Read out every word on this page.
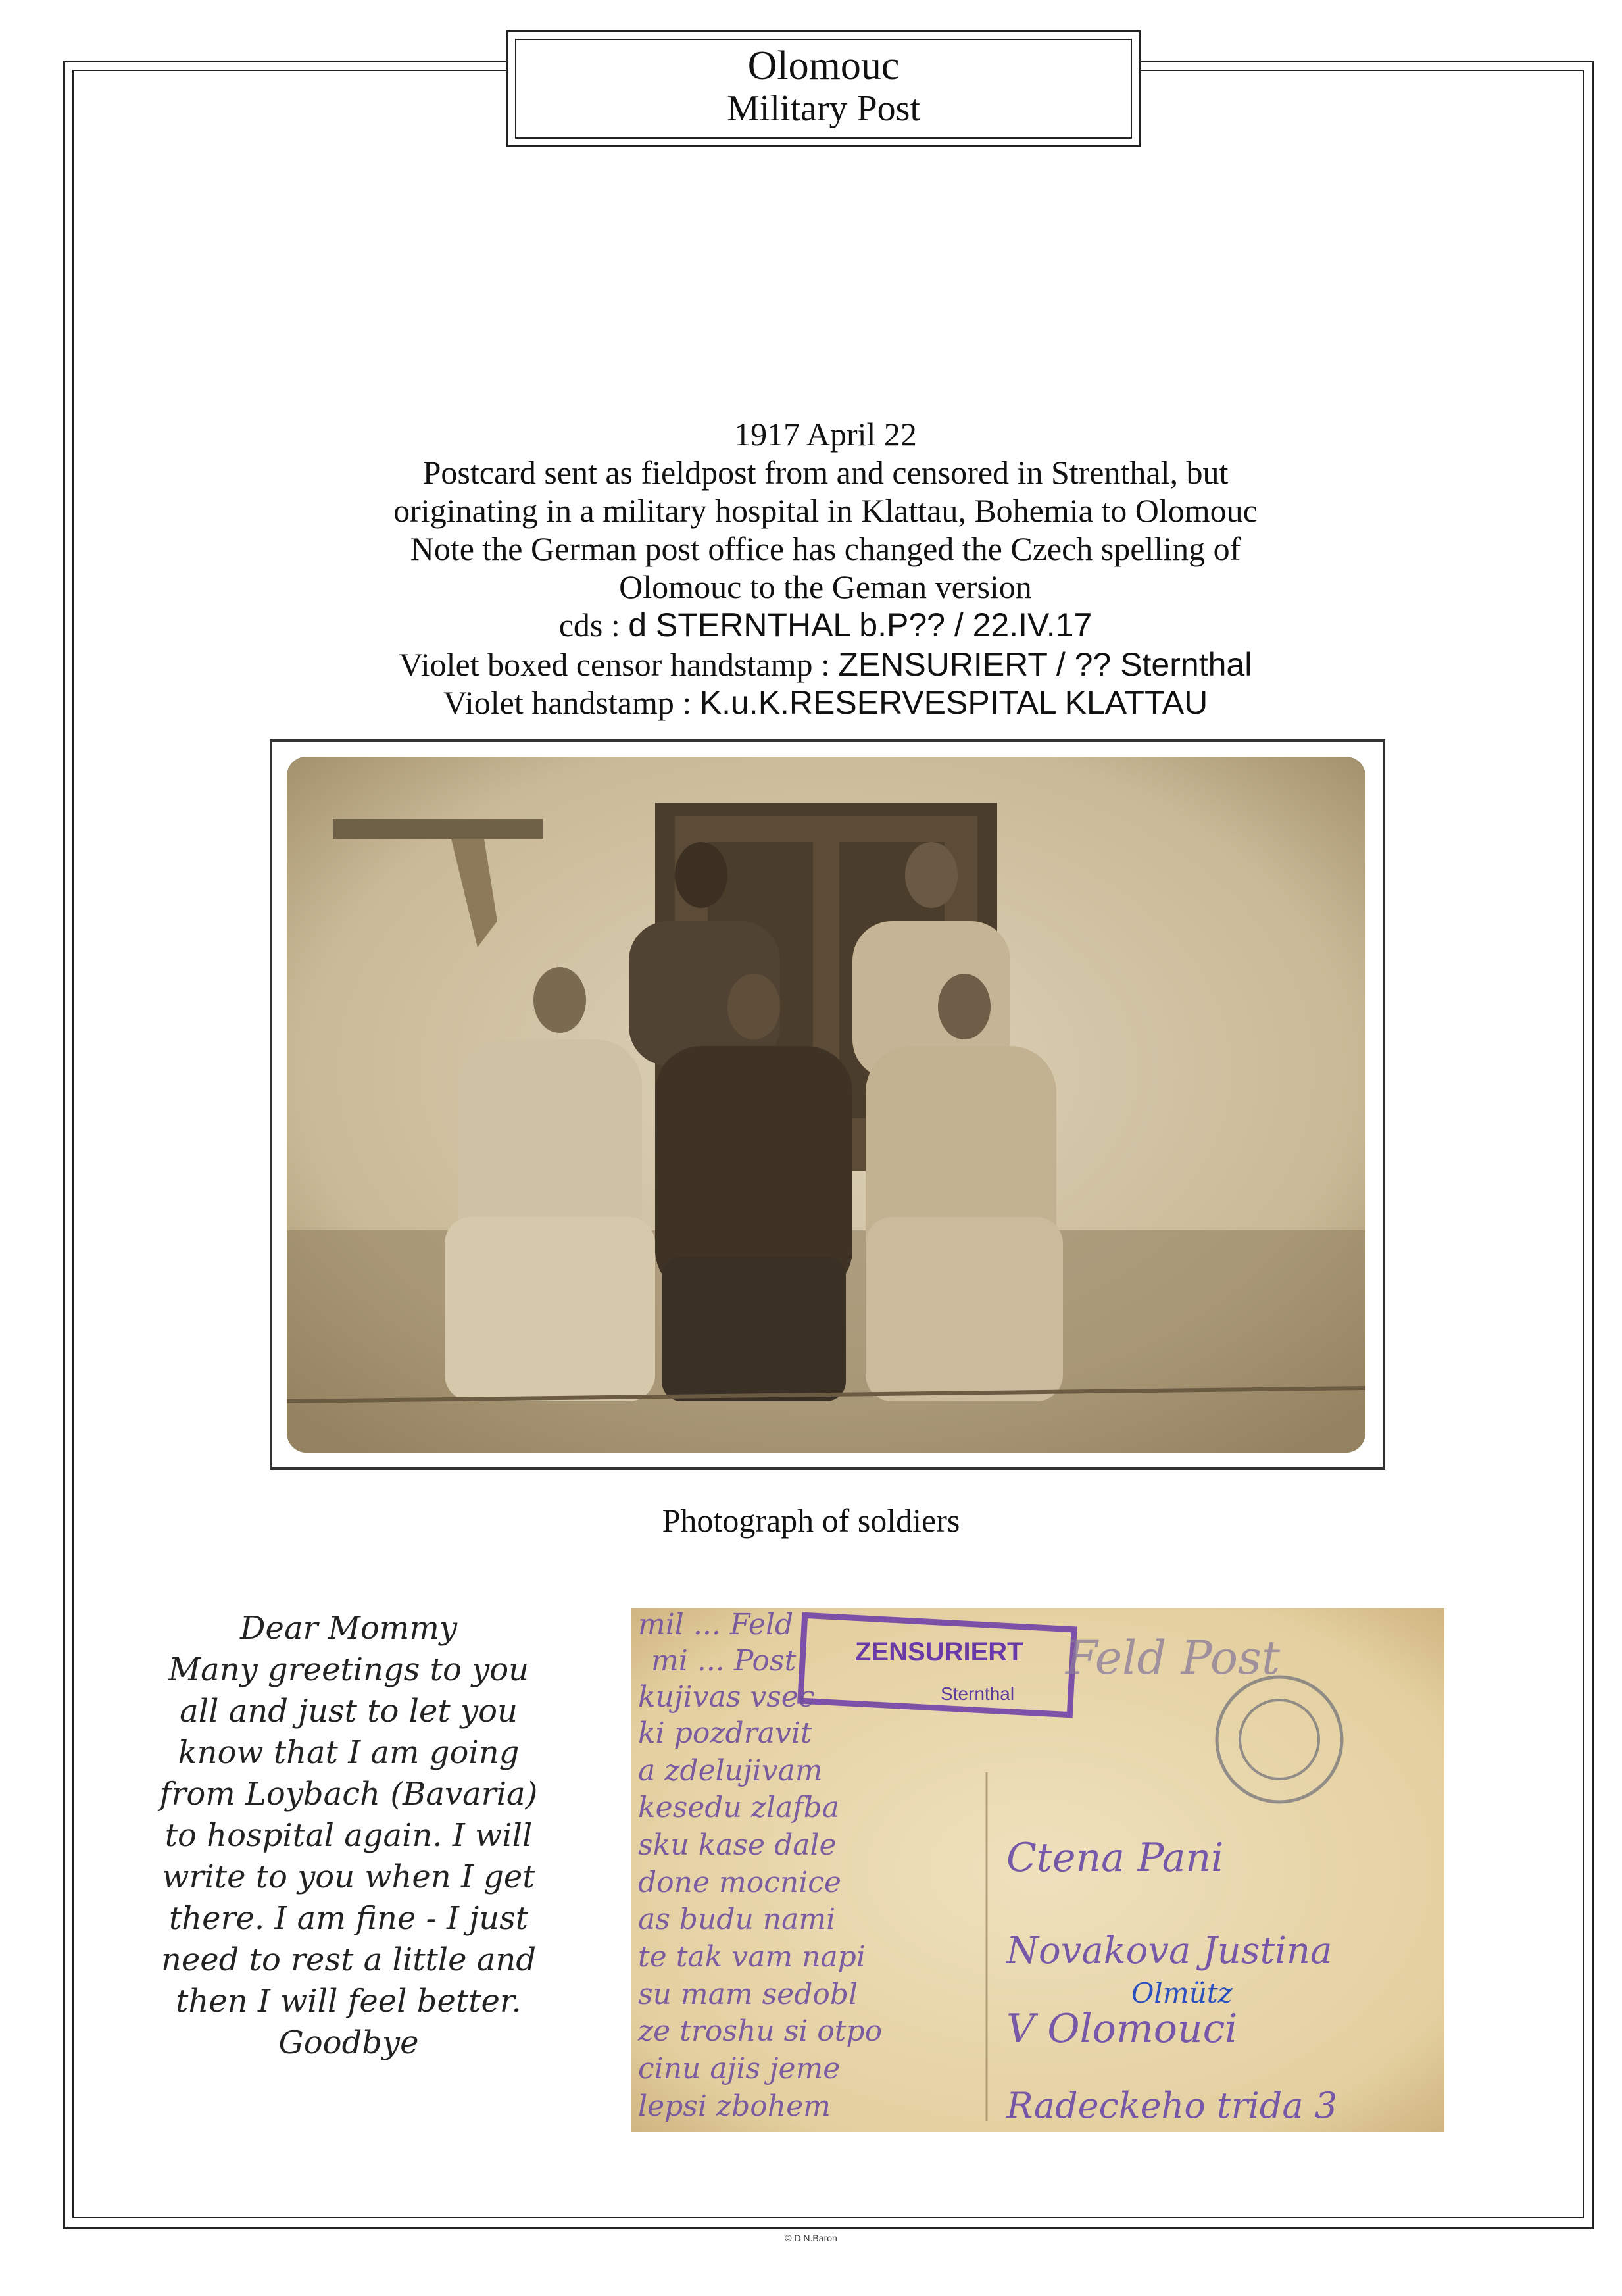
Olomouc
Military Post
1917 April 22
Postcard sent as fieldpost from and censored in Strenthal, but
originating in a military hospital in Klattau, Bohemia to Olomouc
Note the German post office has changed the Czech spelling of
Olomouc to the Geman version
cds : d STERNTHAL b.P?? / 22.IV.17
Violet boxed censor handstamp : ZENSURIERT / ?? Sternthal
Violet handstamp : K.u.K.RESERVESPITAL KLATTAU
Photograph of soldiers
Dear Mommy
Many greetings to you
all and just to let you
know that I am going
from Loybach (Bavaria)
to hospital again. I will
write to you when I get
there. I am fine - I just
need to rest a little and
then I will feel better.
Goodbye
ZENSURIERT
Sternthal
Feld Post
mil ... Feld
mi ... Post
kujivas vsec
ki pozdravit
a zdelujivam
kesedu zlafba
sku kase dale
done mocnice
as budu nami
te tak vam napi
su mam sedobl
ze troshu si otpo
cinu ajis jeme
lepsi zbohem
Ctena Pani
Novakova Justina
V Olomouci
Radeckeho trida 3
Olmütz
© D.N.Baron
